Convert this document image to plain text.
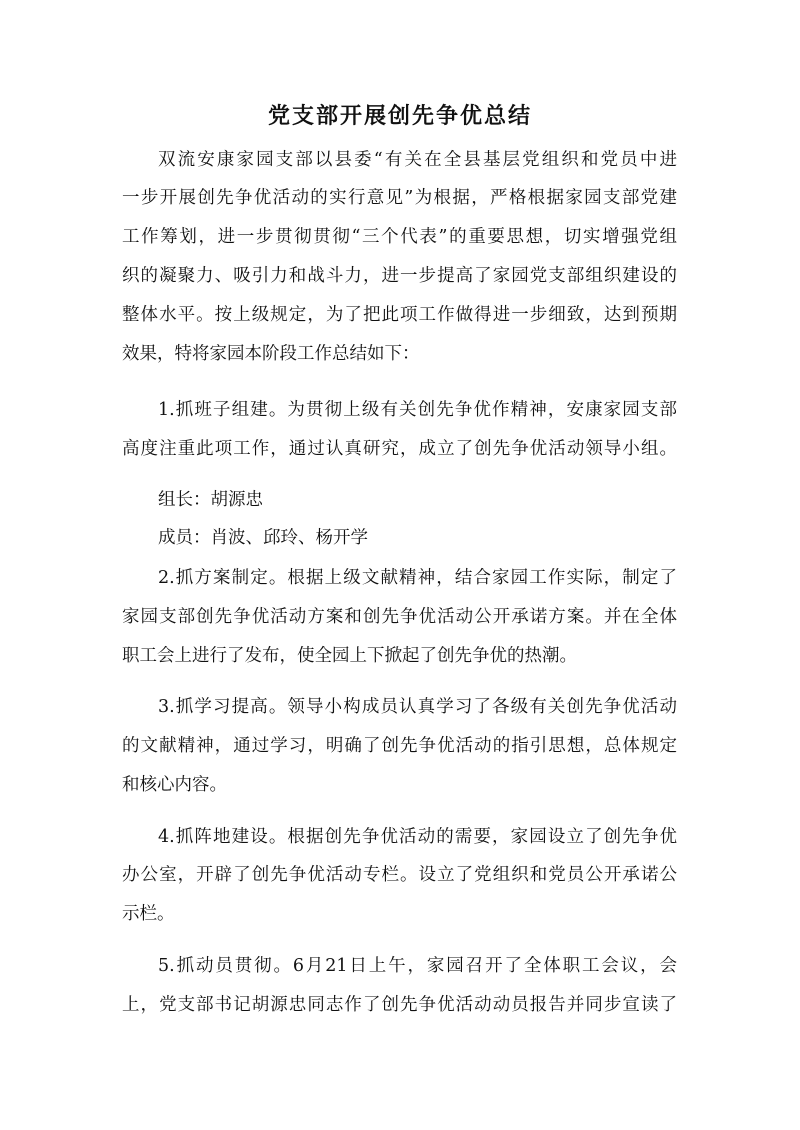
党支部开展创先争优总结
双流安康家园支部以县委“有关在全县基层党组织和党员中进
一步开展创先争优活动的实行意见”为根据，严格根据家园支部党建
工作筹划，进一步贯彻贯彻“三个代表”的重要思想，切实增强党组
织的凝聚力、吸引力和战斗力，进一步提高了家园党支部组织建设的
整体水平。按上级规定，为了把此项工作做得进一步细致，达到预期
效果，特将家园本阶段工作总结如下：
1.抓班子组建。为贯彻上级有关创先争优作精神，安康家园支部
高度注重此项工作，通过认真研究，成立了创先争优活动领导小组。
组长：胡源忠
成员：肖波、邱玲、杨开学
2.抓方案制定。根据上级文献精神，结合家园工作实际，制定了
家园支部创先争优活动方案和创先争优活动公开承诺方案。并在全体
职工会上进行了发布，使全园上下掀起了创先争优的热潮。
3.抓学习提高。领导小构成员认真学习了各级有关创先争优活动
的文献精神，通过学习，明确了创先争优活动的指引思想，总体规定
和核心内容。
4.抓阵地建设。根据创先争优活动的需要，家园设立了创先争优
办公室，开辟了创先争优活动专栏。设立了党组织和党员公开承诺公
示栏。
5.抓动员贯彻。6月21日上午，家园召开了全体职工会议，会
上，党支部书记胡源忠同志作了创先争优活动动员报告并同步宣读了
